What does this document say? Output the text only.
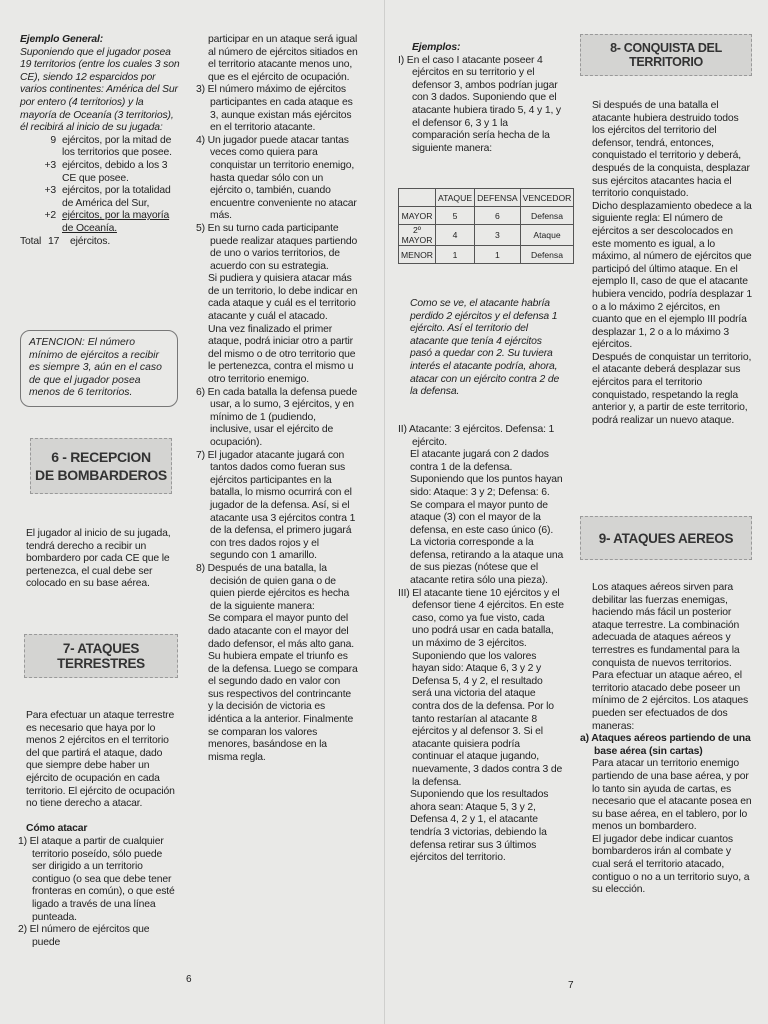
Ejemplo General:

Suponiendo que el jugador posea 19 territorios (entre los cuales 3 son CE), siendo 12 esparcidos por varios continentes: América del Sur por entero (4 territorios) y la mayoría de Oceanía (3 territorios), él recibirá al inicio de su jugada:

9 ejércitos, por la mitad de los territorios que posee.
+3 ejércitos, debido a los 3 CE que posee.
+3 ejércitos, por la totalidad de América del Sur,
+2 ejércitos, por la mayoría de Oceanía.
Total 17	ejércitos.
ATENCION: El número mínimo de ejércitos a recibir es siempre 3, aún en el caso de que el jugador posea menos de 6 territorios.
6 - RECEPCION
DE BOMBARDEROS

El jugador al inicio de su jugada, tendrá derecho a recibir un bombardero por cada CE que le pertenezca, el cual debe ser colocado en su base aérea.

7- ATAQUES TERRESTRES

Para efectuar un ataque terrestre es necesario que haya por lo menos 2 ejércitos en el territorio del que partirá el ataque, dado que siempre debe haber un ejército de ocupación en cada territorio. El ejército de ocupación no tiene derecho a atacar.

Cómo atacar

1) El ataque a partir de cualquier territorio poseído, sólo puede ser dirigido a un territorio contiguo (o sea que debe tener fronteras en común), o que esté ligado a través de una línea punteada.

2) El número de ejércitos que puede

participar en un ataque será igual al número de ejércitos sitiados en el territorio atacante menos uno, que es el ejército de ocupación.

3) El número máximo de ejércitos participantes en cada ataque es 3, aunque existan más ejércitos en el territorio atacante.

4) Un jugador puede atacar tantas veces como quiera para conquistar un territorio enemigo, hasta quedar sólo con un ejército o, también, cuando encuentre conveniente no atacar más.

5) En su turno cada participante puede realizar ataques partiendo de uno o varios territorios, de acuerdo con su estrategia.

Si pudiera y quisiera atacar más de un territorio, lo debe indicar en cada ataque y cuál es el territorio atacante y cuál el atacado.

Una vez finalizado el primer ataque, podrá iniciar otro a partir del mismo o de otro territorio que le pertenezca, contra el mismo u otro territorio enemigo.

6) En cada batalla la defensa puede usar, a lo sumo, 3 ejércitos, y en mínimo de 1 (pudiendo, inclusive, usar el ejército de ocupación).

7) El jugador atacante jugará con tantos dados como fueran sus ejércitos participantes en la batalla, lo mismo ocurrirá con el jugador de la defensa. Así, si el atacante usa 3 ejércitos contra 1 de la defensa, el primero jugará con tres dados rojos y el segundo con 1 amarillo.

8) Después de una batalla, la decisión de quien gana o de quien pierde ejércitos es hecha de la siguiente manera:

Se compara el mayor punto del dado atacante con el mayor del dado defensor, el más alto gana. Su hubiera empate el triunfo es de la defensa. Luego se compara el segundo dado en valor con sus respectivos del contrincante y la decisión de victoria es idéntica a la anterior. Finalmente se comparan los valores menores, basándose en la misma regla.

6

Ejemplos:

I) En el caso I atacante poseer 4 ejércitos en su territorio y el defensor 3, ambos podrían jugar con 3 dados. Suponiendo que el atacante hubiera tirado 5, 4 y 1, y el defensor 6, 3 y 1 la comparación sería hecha de la siguiente manera:

	ATAQUE	DEFENSA	VENCEDOR
MAYOR	5	6	Defensa
2º MAYOR	4	3	Ataque
MENOR	1	1	Defensa

Como se ve, el atacante habría perdido 2 ejércitos y el defensa 1 ejército. Así el territorio del atacante que tenía 4 ejércitos pasó a quedar con 2. Su tuviera interés el atacante podría, ahora, atacar con un ejército contra 2 de la defensa.

II) Atacante: 3 ejércitos. Defensa: 1 ejército.

El atacante jugará con 2 dados contra 1 de la defensa.

Suponiendo que los puntos hayan sido: Ataque: 3 y 2; Defensa: 6. Se compara el mayor punto de ataque (3) con el mayor de la defensa, en este caso único (6).

La victoria corresponde a la defensa, retirando a la ataque una de sus piezas (nótese que el atacante retira sólo una pieza).

III) El atacante tiene 10 ejércitos y el defensor tiene 4 ejércitos. En este caso, como ya fue visto, cada uno podrá usar en cada batalla, un máximo de 3 ejércitos. Suponiendo que los valores hayan sido: Ataque 6, 3 y 2 y Defensa 5, 4 y 2, el resultado será una victoria del ataque contra dos de la defensa. Por lo tanto restarían al atacante 8 ejércitos y al defensor 3. Si el atacante quisiera podría continuar el ataque jugando, nuevamente, 3 dados contra 3 de la defensa.

Suponiendo que los resultados ahora sean: Ataque 5, 3 y 2, Defensa 4, 2 y 1, el atacante tendría 3 victorias, debiendo la defensa retirar sus 3 últimos ejércitos del territorio.

7
8- CONQUISTA DEL TERRITORIO

Si después de una batalla el atacante hubiera destruido todos los ejércitos del territorio del defensor, tendrá, entonces, conquistado el territorio y deberá, después de la conquista, desplazar sus ejércitos atacantes hacia el territorio conquistado.

Dicho desplazamiento obedece a la siguiente regla: El número de ejércitos a ser descolocados en este momento es igual, a lo máximo, al número de ejércitos que participó del último ataque. En el ejemplo II, caso de que el atacante hubiera vencido, podría desplazar 1 o a lo máximo 2 ejércitos, en cuanto que en el ejemplo III podría desplazar 1, 2 o a lo máximo 3 ejércitos.

Después de conquistar un territorio, el atacante deberá desplazar sus ejércitos para el territorio conquistado, respetando la regla anterior y, a partir de este territorio, podrá realizar un nuevo ataque.

9- ATAQUES AEREOS

Los ataques aéreos sirven para debilitar las fuerzas enemigas, haciendo más fácil un posterior ataque terrestre. La combinación adecuada de ataques aéreos y terrestres es fundamental para la conquista de nuevos territorios.

Para efectuar un ataque aéreo, el territorio atacado debe poseer un mínimo de 2 ejércitos. Los ataques pueden ser efectuados de dos maneras:

a) Ataques aéreos partiendo de una base aérea (sin cartas)

Para atacar un territorio enemigo partiendo de una base aérea, y por lo tanto sin ayuda de cartas, es necesario que el atacante posea en su base aérea, en el tablero, por lo menos un bombardero.

El jugador debe indicar cuantos bombarderos irán al combate y cual será el territorio atacado, contiguo o no a un territorio suyo, a su elección.
